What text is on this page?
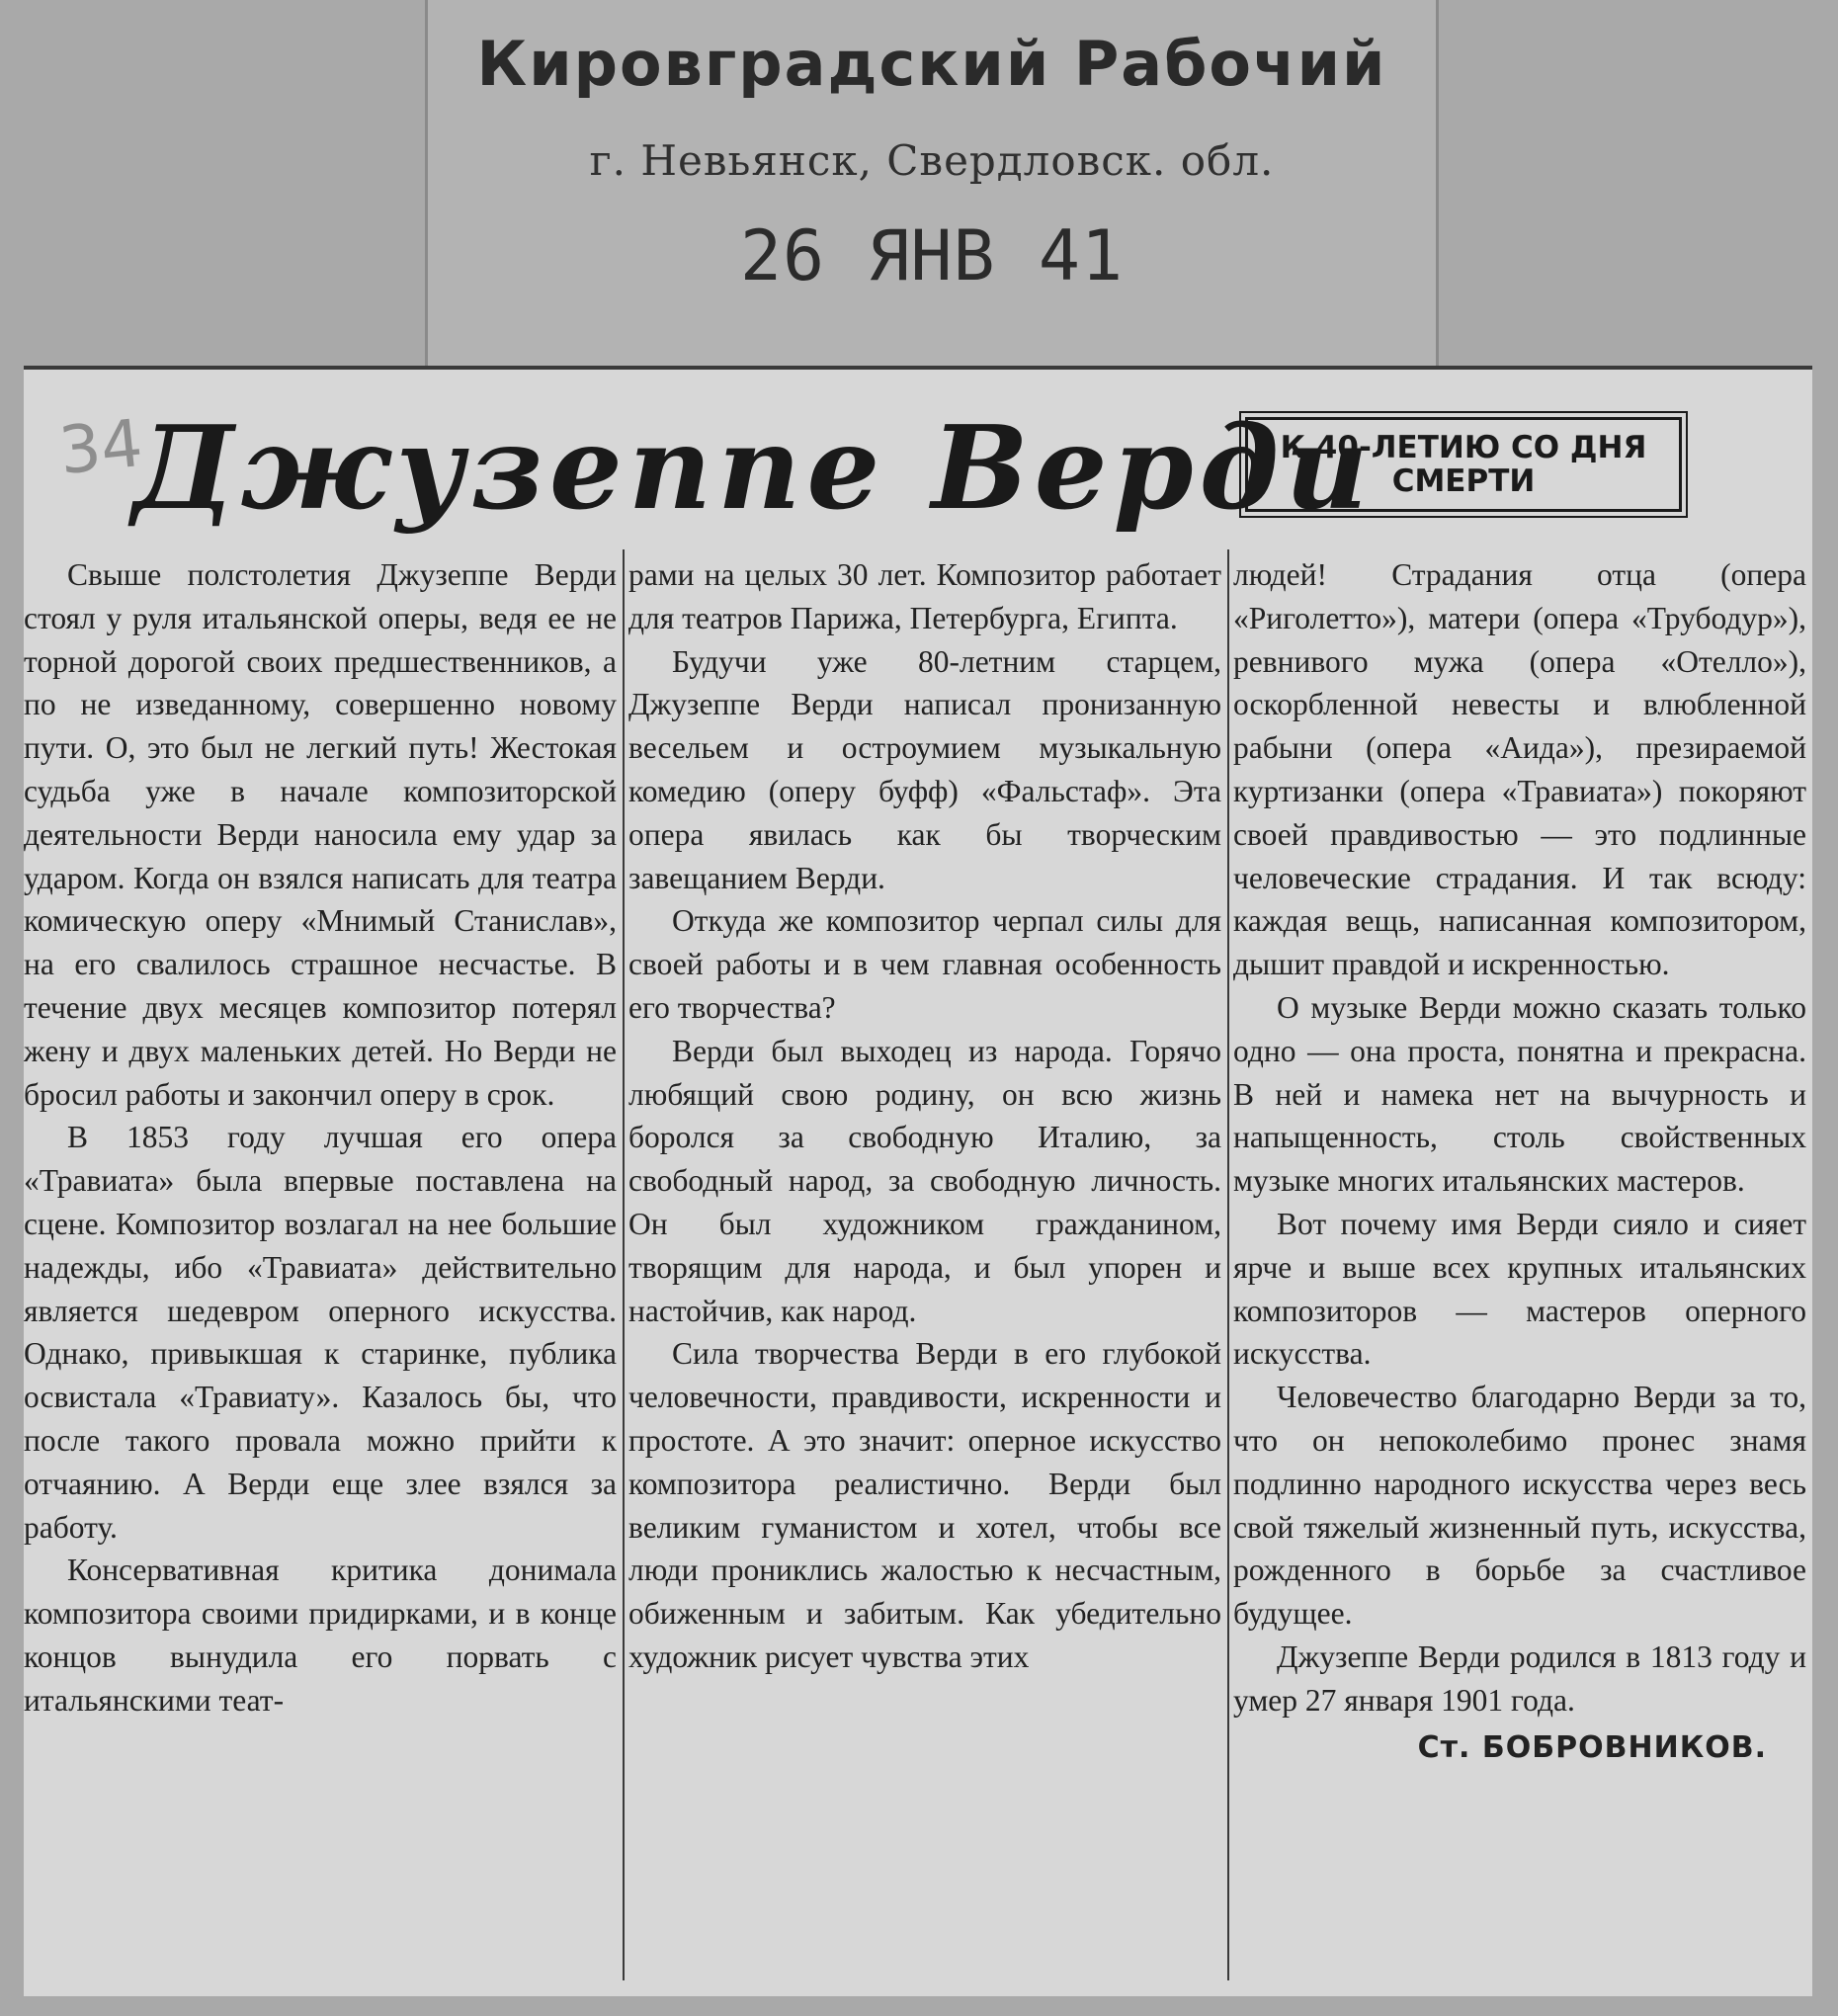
Кировградский Рабочий
г. Невьянск, Свердловск. обл.
26 ЯНВ 41
34
Джузеппе Верди
К 40-ЛЕТИЮ СО ДНЯ СМЕРТИ

Свыше полстолетия Джузеппе Верди стоял у руля итальянской оперы, ведя ее не торной дорогой своих предшественников, а по не изведанному, совершенно новому пути. О, это был не легкий путь! Жестокая судьба уже в начале композиторской деятельности Верди наносила ему удар за ударом. Когда он взялся написать для театра комическую оперу «Мнимый Станислав», на его свалилось страшное несчастье. В течение двух месяцев композитор потерял жену и двух маленьких детей. Но Верди не бросил работы и закончил оперу в срок.

В 1853 году лучшая его опера «Травиата» была впервые поставлена на сцене. Композитор возлагал на нее большие надежды, ибо «Травиата» действительно является шедевром оперного искусства. Однако, привыкшая к старинке, публика освистала «Травиату». Казалось бы, что после такого провала можно прийти к отчаянию. А Верди еще злее взялся за работу.

Консервативная критика донимала композитора своими придирками, и в конце концов вынудила его порвать с итальянскими теат-

рами на целых 30 лет. Композитор работает для театров Парижа, Петербурга, Египта.

Будучи уже 80-летним старцем, Джузеппе Верди написал пронизанную весельем и остроумием музыкальную комедию (оперу буфф) «Фальстаф». Эта опера явилась как бы творческим завещанием Верди.

Откуда же композитор черпал силы для своей работы и в чем главная особенность его творчества?

Верди был выходец из народа. Горячо любящий свою родину, он всю жизнь боролся за свободную Италию, за свободный народ, за свободную личность. Он был художником гражданином, творящим для народа, и был упорен и настойчив, как народ.

Сила творчества Верди в его глубокой человечности, правдивости, искренности и простоте. А это значит: оперное искусство композитора реалистично. Верди был великим гуманистом и хотел, чтобы все люди прониклись жалостью к несчастным, обиженным и забитым. Как убедительно художник рисует чувства этих

людей! Страдания отца (опера «Риголетто»), матери (опера «Трубодур»), ревнивого мужа (опера «Отелло»), оскорбленной невесты и влюбленной рабыни (опера «Аида»), презираемой куртизанки (опера «Травиата») покоряют своей правдивостью — это подлинные человеческие страдания. И так всюду: каждая вещь, написанная композитором, дышит правдой и искренностью.

О музыке Верди можно сказать только одно — она проста, понятна и прекрасна. В ней и намека нет на вычурность и напыщенность, столь свойственных музыке многих итальянских мастеров.

Вот почему имя Верди сияло и сияет ярче и выше всех крупных итальянских композиторов — мастеров оперного искусства.

Человечество благодарно Верди за то, что он непоколебимо пронес знамя подлинно народного искусства через весь свой тяжелый жизненный путь, искусства, рожденного в борьбе за счастливое будущее.

Джузеппе Верди родился в 1813 году и умер 27 января 1901 года.

Ст. БОБРОВНИКОВ.
